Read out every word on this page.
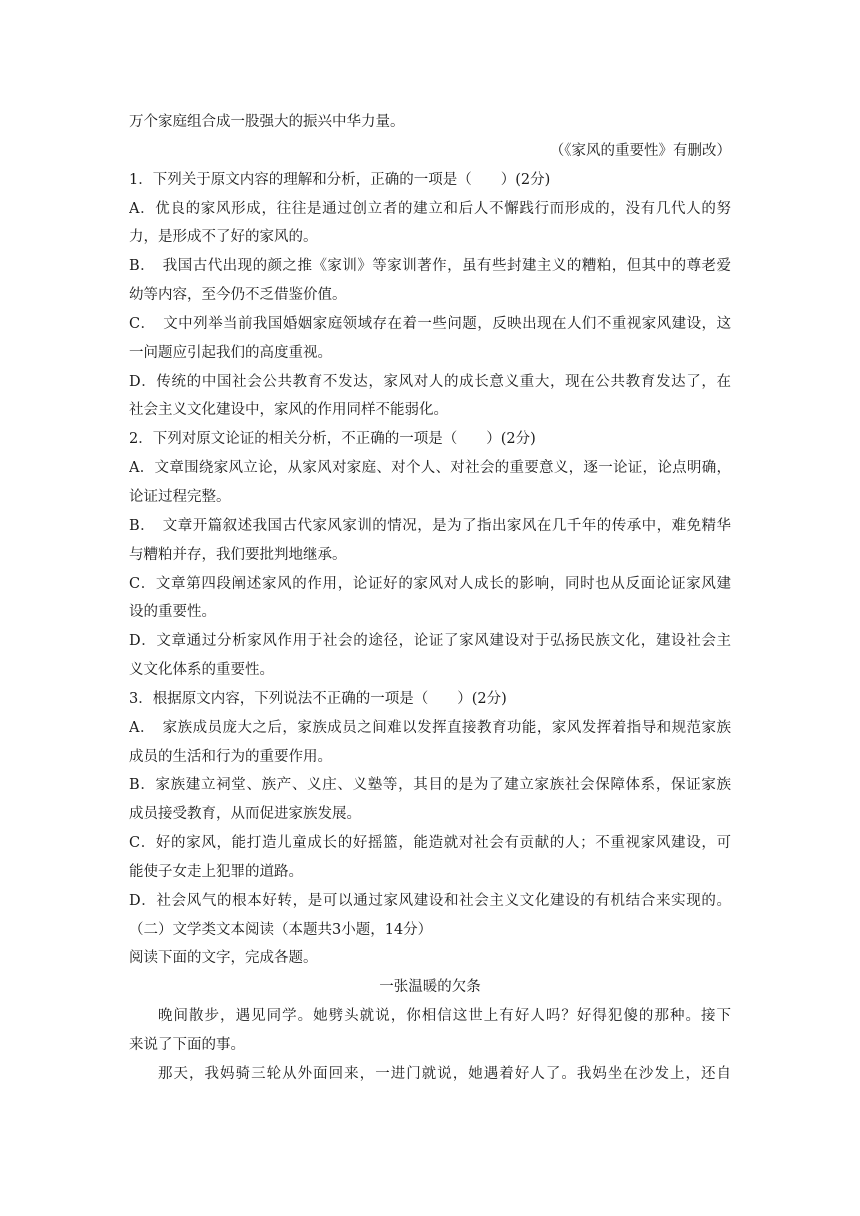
万个家庭组合成一股强大的振兴中华力量。
（《家风的重要性》有删改）
1．下列关于原文内容的理解和分析，正确的一项是（　　）(2分)
A．优良的家风形成，往往是通过创立者的建立和后人不懈践行而形成的，没有几代人的努
力，是形成不了好的家风的。
B．　我国古代出现的颜之推《家训》等家训著作，虽有些封建主义的糟粕，但其中的尊老爱
幼等内容，至今仍不乏借鉴价值。
C．　文中列举当前我国婚姻家庭领域存在着一些问题，反映出现在人们不重视家风建设，这
一问题应引起我们的高度重视。
D．传统的中国社会公共教育不发达，家风对人的成长意义重大，现在公共教育发达了，在
社会主义文化建设中，家风的作用同样不能弱化。
2．下列对原文论证的相关分析，不正确的一项是（　　）(2分)
A．文章围绕家风立论，从家风对家庭、对个人、对社会的重要意义，逐一论证，论点明确，
论证过程完整。
B．　文章开篇叙述我国古代家风家训的情况，是为了指出家风在几千年的传承中，难免精华
与糟粕并存，我们要批判地继承。
C．文章第四段阐述家风的作用，论证好的家风对人成长的影响，同时也从反面论证家风建
设的重要性。
D．文章通过分析家风作用于社会的途径，论证了家风建设对于弘扬民族文化，建设社会主
义文化体系的重要性。
3．根据原文内容，下列说法不正确的一项是（　　）(2分)
A．　家族成员庞大之后，家族成员之间难以发挥直接教育功能，家风发挥着指导和规范家族
成员的生活和行为的重要作用。
B．家族建立祠堂、族产、义庄、义塾等，其目的是为了建立家族社会保障体系，保证家族
成员接受教育，从而促进家族发展。
C．好的家风，能打造儿童成长的好摇篮，能造就对社会有贡献的人；不重视家风建设，可
能使子女走上犯罪的道路。
D．社会风气的根本好转，是可以通过家风建设和社会主义文化建设的有机结合来实现的。
（二）文学类文本阅读（本题共3小题，14分）
阅读下面的文字，完成各题。
一张温暖的欠条
晚间散步，遇见同学。她劈头就说，你相信这世上有好人吗？好得犯傻的那种。接下
来说了下面的事。
那天，我妈骑三轮从外面回来，一进门就说，她遇着好人了。我妈坐在沙发上，还自
